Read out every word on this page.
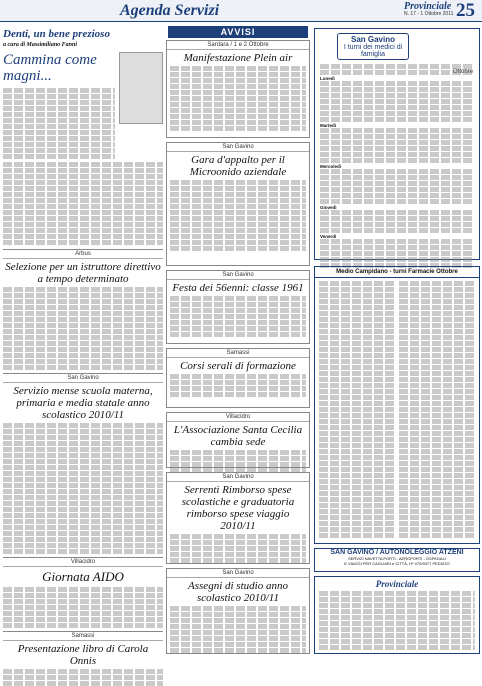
Agenda Servizi	Provinciale
N. 17 - 1 Ottobre 2011 25
Denti, un bene prezioso
a cura di Massimiliano Fanni
Cammina come magni...
Arbus
Selezione per un istruttore direttivo a tempo determinato
San Gavino
Servizio mense scuola materna, primaria e media statale anno scolastico 2010/11
Villacidro
Giornata AIDO
Samassi
Presentazione libro di Carola Onnis
AVVISI
Sardara / 1 e 2 Ottobre
Manifestazione Plein air
San Gavino
Gara d'appalto per il Microonido aziendale
San Gavino
Festa dei 56enni: classe 1961
Samassi
Corsi serali di formazione
Villacidro
L'Associazione Santa Cecilia cambia sede
San Gavino
Serrentì Rimborso spese scolastiche e graduatoria rimborso spese viaggio 2010/11
San Gavino
Assegni di studio anno scolastico 2010/11
San Gavino
I turni dei medici di famiglia
Ottobre
Lunedì
Martedì
Mercoledì
Giovedì
Venerdì
Medio Campidano - turni Farmacie Ottobre
SAN GAVINO / AUTONOLEGGIO ATZENI
SERVIZI NAVETTA PORTI - AEROPORTI - OSPEDALI
E VIAGGI PER CAGLIARI e CITTÀ, H* 070/9377 PEDIZZO
Provinciale
